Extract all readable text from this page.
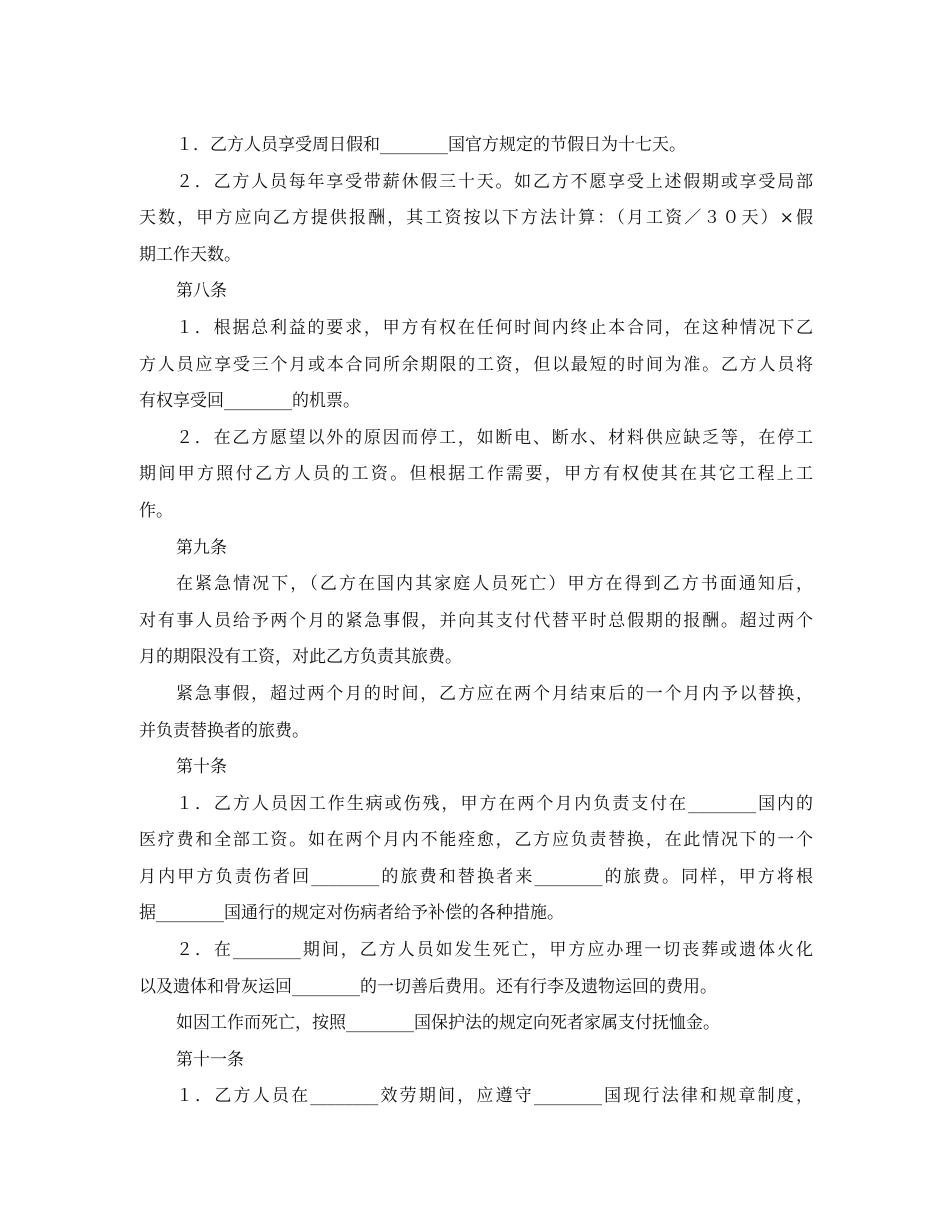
１．乙方人员享受周日假和________国官方规定的节假日为十七天。
２．乙方人员每年享受带薪休假三十天。如乙方不愿享受上述假期或享受局部
天数，甲方应向乙方提供报酬，其工资按以下方法计算：（月工资／３０天）×假
期工作天数。
第八条
１．根据总利益的要求，甲方有权在任何时间内终止本合同，在这种情况下乙
方人员应享受三个月或本合同所余期限的工资，但以最短的时间为准。乙方人员将
有权享受回________的机票。
２．在乙方愿望以外的原因而停工，如断电、断水、材料供应缺乏等，在停工
期间甲方照付乙方人员的工资。但根据工作需要，甲方有权使其在其它工程上工
作。
第九条
在紧急情况下，（乙方在国内其家庭人员死亡）甲方在得到乙方书面通知后，
对有事人员给予两个月的紧急事假，并向其支付代替平时总假期的报酬。超过两个
月的期限没有工资，对此乙方负责其旅费。
紧急事假，超过两个月的时间，乙方应在两个月结束后的一个月内予以替换，
并负责替换者的旅费。
第十条
１．乙方人员因工作生病或伤残，甲方在两个月内负责支付在________国内的
医疗费和全部工资。如在两个月内不能痊愈，乙方应负责替换，在此情况下的一个
月内甲方负责伤者回________的旅费和替换者来________的旅费。同样，甲方将根
据________国通行的规定对伤病者给予补偿的各种措施。
２．在________期间，乙方人员如发生死亡，甲方应办理一切丧葬或遗体火化
以及遗体和骨灰运回________的一切善后费用。还有行李及遗物运回的费用。
如因工作而死亡，按照________国保护法的规定向死者家属支付抚恤金。
第十一条
１．乙方人员在________效劳期间，应遵守________国现行法律和规章制度，
